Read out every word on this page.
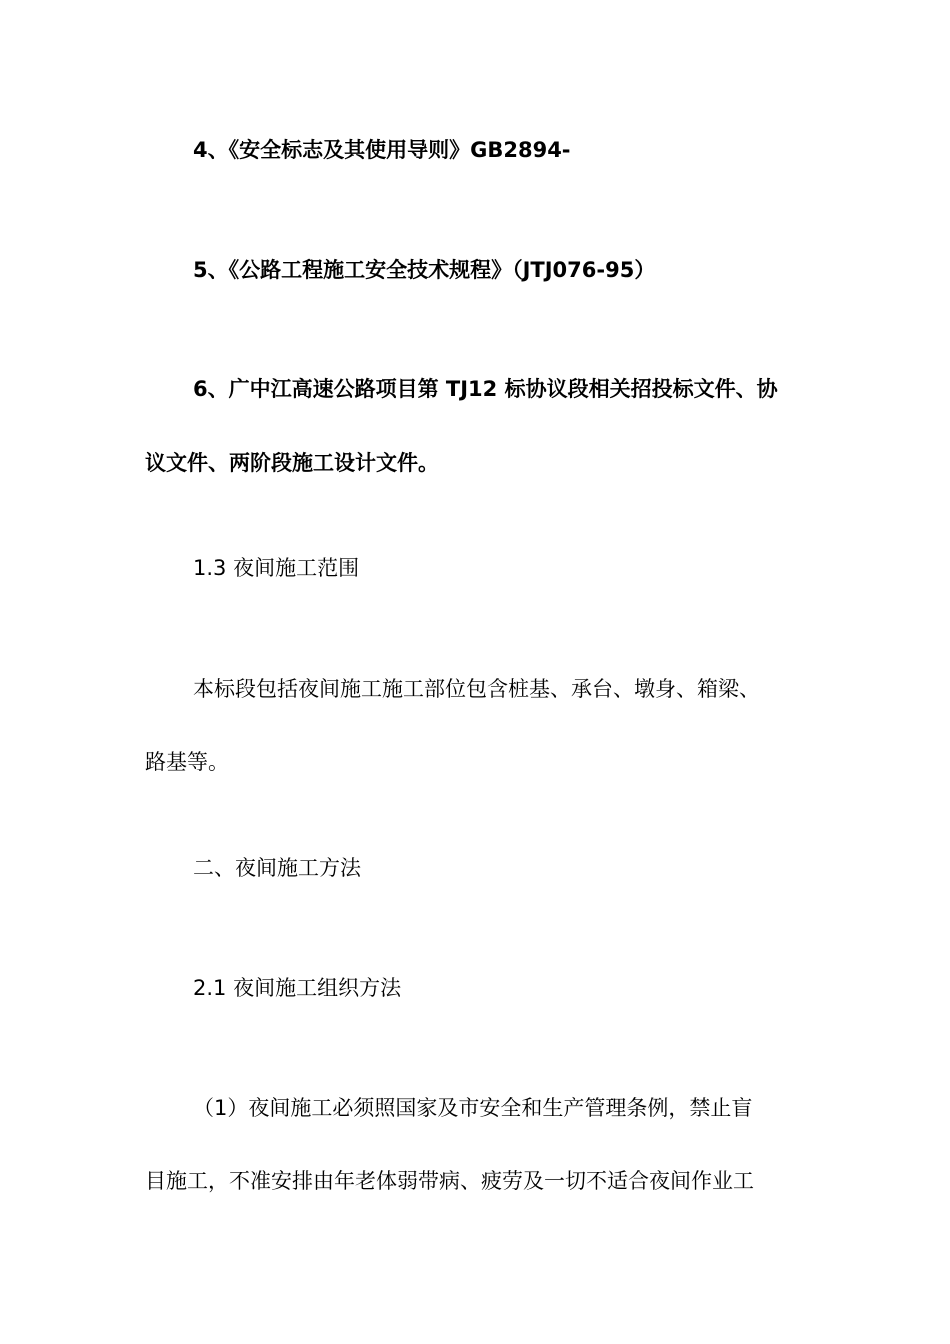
4、《安全标志及其使用导则》GB2894-
5、《公路工程施工安全技术规程》（JTJ076-95）
6、广中江高速公路项目第 TJ12 标协议段相关招投标文件、协
议文件、两阶段施工设计文件。
1.3 夜间施工范围
本标段包括夜间施工施工部位包含桩基、承台、墩身、箱梁、
路基等。
二、夜间施工方法
2.1 夜间施工组织方法
（1）夜间施工必须照国家及市安全和生产管理条例，禁止盲
目施工，不准安排由年老体弱带病、疲劳及一切不适合夜间作业工
